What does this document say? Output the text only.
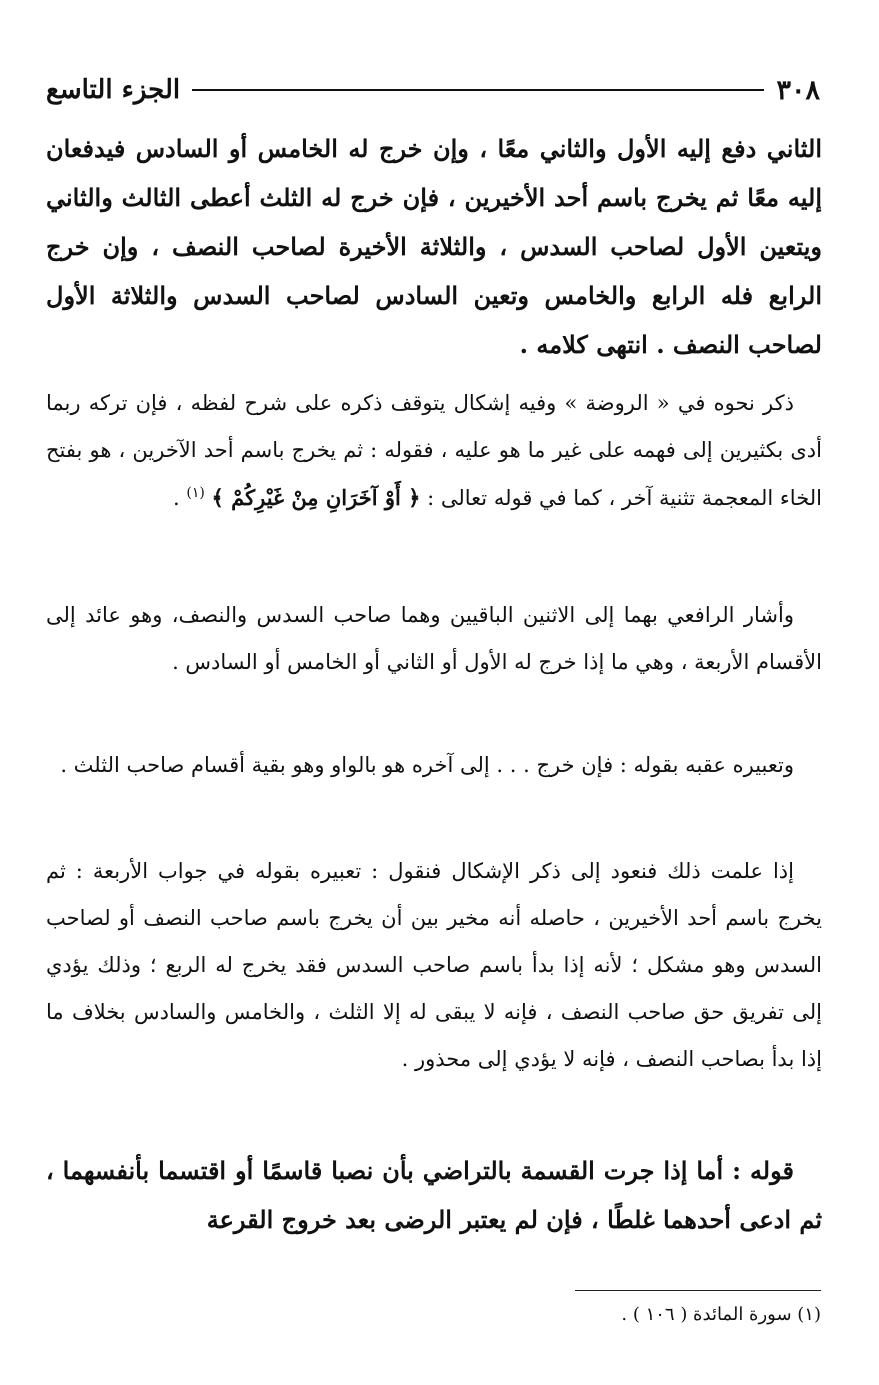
٣٠٨
الجزء التاسع

الثاني دفع إليه الأول والثاني معًا ، وإن خرج له الخامس أو السادس فيدفعان إليه معًا ثم يخرج باسم أحد الأخيرين ، فإن خرج له الثلث أعطى الثالث والثاني ويتعين الأول لصاحب السدس ، والثلاثة الأخيرة لصاحب النصف ، وإن خرج الرابع فله الرابع والخامس وتعين السادس لصاحب السدس والثلاثة الأول لصاحب النصف . انتهى كلامه .

ذكر نحوه في « الروضة » وفيه إشكال يتوقف ذكره على شرح لفظه ، فإن تركه ربما أدى بكثيرين إلى فهمه على غير ما هو عليه ، فقوله : ثم يخرج باسم أحد الآخرين ، هو بفتح الخاء المعجمة تثنية آخر ، كما في قوله تعالى : ﴿ أَوْ آخَرَانِ مِنْ غَيْرِكُمْ ﴾ $^{(١)}$ .

وأشار الرافعي بهما إلى الاثنين الباقيين وهما صاحب السدس والنصف، وهو عائد إلى الأقسام الأربعة ، وهي ما إذا خرج له الأول أو الثاني أو الخامس أو السادس .

وتعبيره عقبه بقوله : فإن خرج . . . إلى آخره هو بالواو وهو بقية أقسام صاحب الثلث .

إذا علمت ذلك فنعود إلى ذكر الإشكال فنقول : تعبيره بقوله في جواب الأربعة : ثم يخرج باسم أحد الأخيرين ، حاصله أنه مخير بين أن يخرج باسم صاحب النصف أو لصاحب السدس وهو مشكل ؛ لأنه إذا بدأ باسم صاحب السدس فقد يخرج له الربع ؛ وذلك يؤدي إلى تفريق حق صاحب النصف ، فإنه لا يبقى له إلا الثلث ، والخامس والسادس بخلاف ما إذا بدأ بصاحب النصف ، فإنه لا يؤدي إلى محذور .

قوله : أما إذا جرت القسمة بالتراضي بأن نصبا قاسمًا أو اقتسما بأنفسهما ، ثم ادعى أحدهما غلطًا ، فإن لم يعتبر الرضى بعد خروج القرعة

(١) سورة المائدة ( ١٠٦ ) .
